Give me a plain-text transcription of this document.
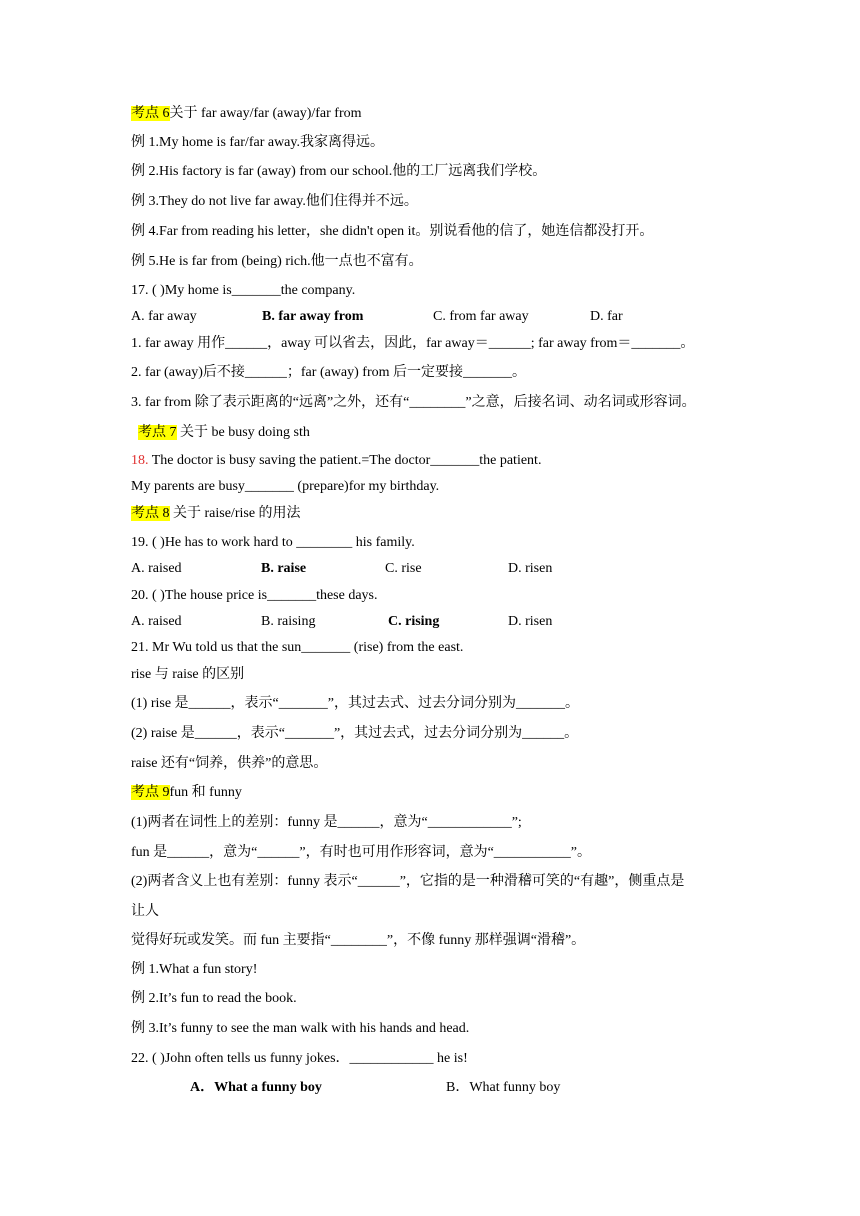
考点 6关于 far away/far (away)/far from
例 1.My home is far/far away.我家离得远。
例 2.His factory is far (away) from our school.他的工厂远离我们学校。
例 3.They do not live far away.他们住得并不远。
例 4.Far from reading his letter，she didn't open it。别说看他的信了，她连信都没打开。
例 5.He is far from (being) rich.他一点也不富有。
17. ( )My home is_______the company.
A. far away	B. far away from	C. from far away	D. far
1. far away 用作______，away 可以省去，因此，far away＝______; far away from＝_______。
2. far (away)后不接______；far (away) from 后一定要接_______。
3. far from 除了表示距离的“远离”之外，还有“________”之意，后接名词、动名词或形容词。
考点 7 关于 be busy doing sth
18. The doctor is busy saving the patient.=The doctor_______the patient.
My parents are busy_______ (prepare)for my birthday.
考点 8 关于 raise/rise 的用法
19. ( )He has to work hard to ________ his family.
A. raised	B. raise	C. rise	D. risen
20. ( )The house price is_______these days.
A. raised	B. raising	C. rising	D. risen
21. Mr Wu told us that the sun_______ (rise) from the east.
rise 与 raise 的区别
(1) rise 是______，表示“_______”，其过去式、过去分词分别为_______。
(2) raise 是______，表示“_______”，其过去式，过去分词分别为______。
raise 还有“饲养，供养”的意思。
考点 9fun 和 funny
(1)两者在词性上的差别：funny 是______，意为“____________”;
fun 是______，意为“______”，有时也可用作形容词，意为“___________”。
(2)两者含义上也有差别：funny 表示“______”，它指的是一种滑稽可笑的“有趣”，侧重点是
让人
觉得好玩或发笑。而 fun 主要指“________”，不像 funny 那样强调“滑稽”。
例 1.What a fun story!
例 2.It’s fun to read the book.
例 3.It’s funny to see the man walk with his hands and head.
22. ( )John often tells us funny jokes．____________ he is!
A．What a funny boy	B．What funny boy
